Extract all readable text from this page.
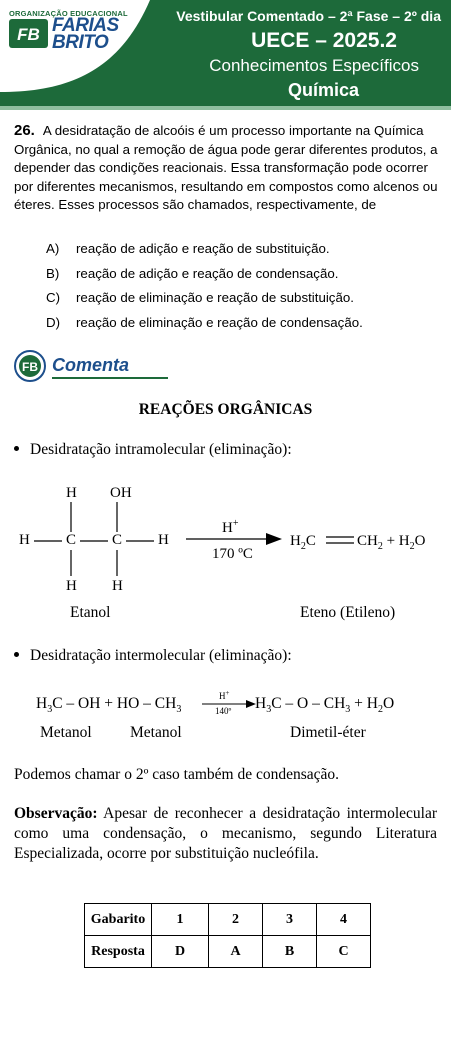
ORGANIZAÇÃO EDUCACIONAL
FB FARIAS
BRITO
Vestibular Comentado – 2ª Fase – 2º dia
UECE – 2025.2
Conhecimentos Específicos
Química
26. A desidratação de alcoóis é um processo importante na Química Orgânica, no qual a remoção de água pode gerar diferentes produtos, a depender das condições reacionais. Essa transformação pode ocorrer por diferentes mecanismos, resultando em compostos como alcenos ou éteres. Esses processos são chamados, respectivamente, de
A)	reação de adição e reação de substituição.
B)	reação de adição e reação de condensação.
C)	reação de eliminação e reação de substituição.
D)	reação de eliminação e reação de condensação.
FB Comenta
REAÇÕES ORGÂNICAS
Desidratação intramolecular (eliminação):
H C C H
H OH
H H
H+
170 ºC
$H_2C$	$CH_2 + H_2O$
Etanol	Eteno (Etileno)
Desidratação intermolecular (eliminação):
$H_3C$ – OH + HO – $CH_3$
H+
140º $H_3C - O - CH_3 + H_2O$
Metanol Metanol	Dimetil-éter
Podemos chamar o 2º caso também de condensação.
Observação: Apesar de reconhecer a desidratação intermolecular como uma condensação, o mecanismo, segundo Literatura Especializada, ocorre por substituição nucleófila.
Gabarito	1	2	3	4
Resposta	D	A	B	C
